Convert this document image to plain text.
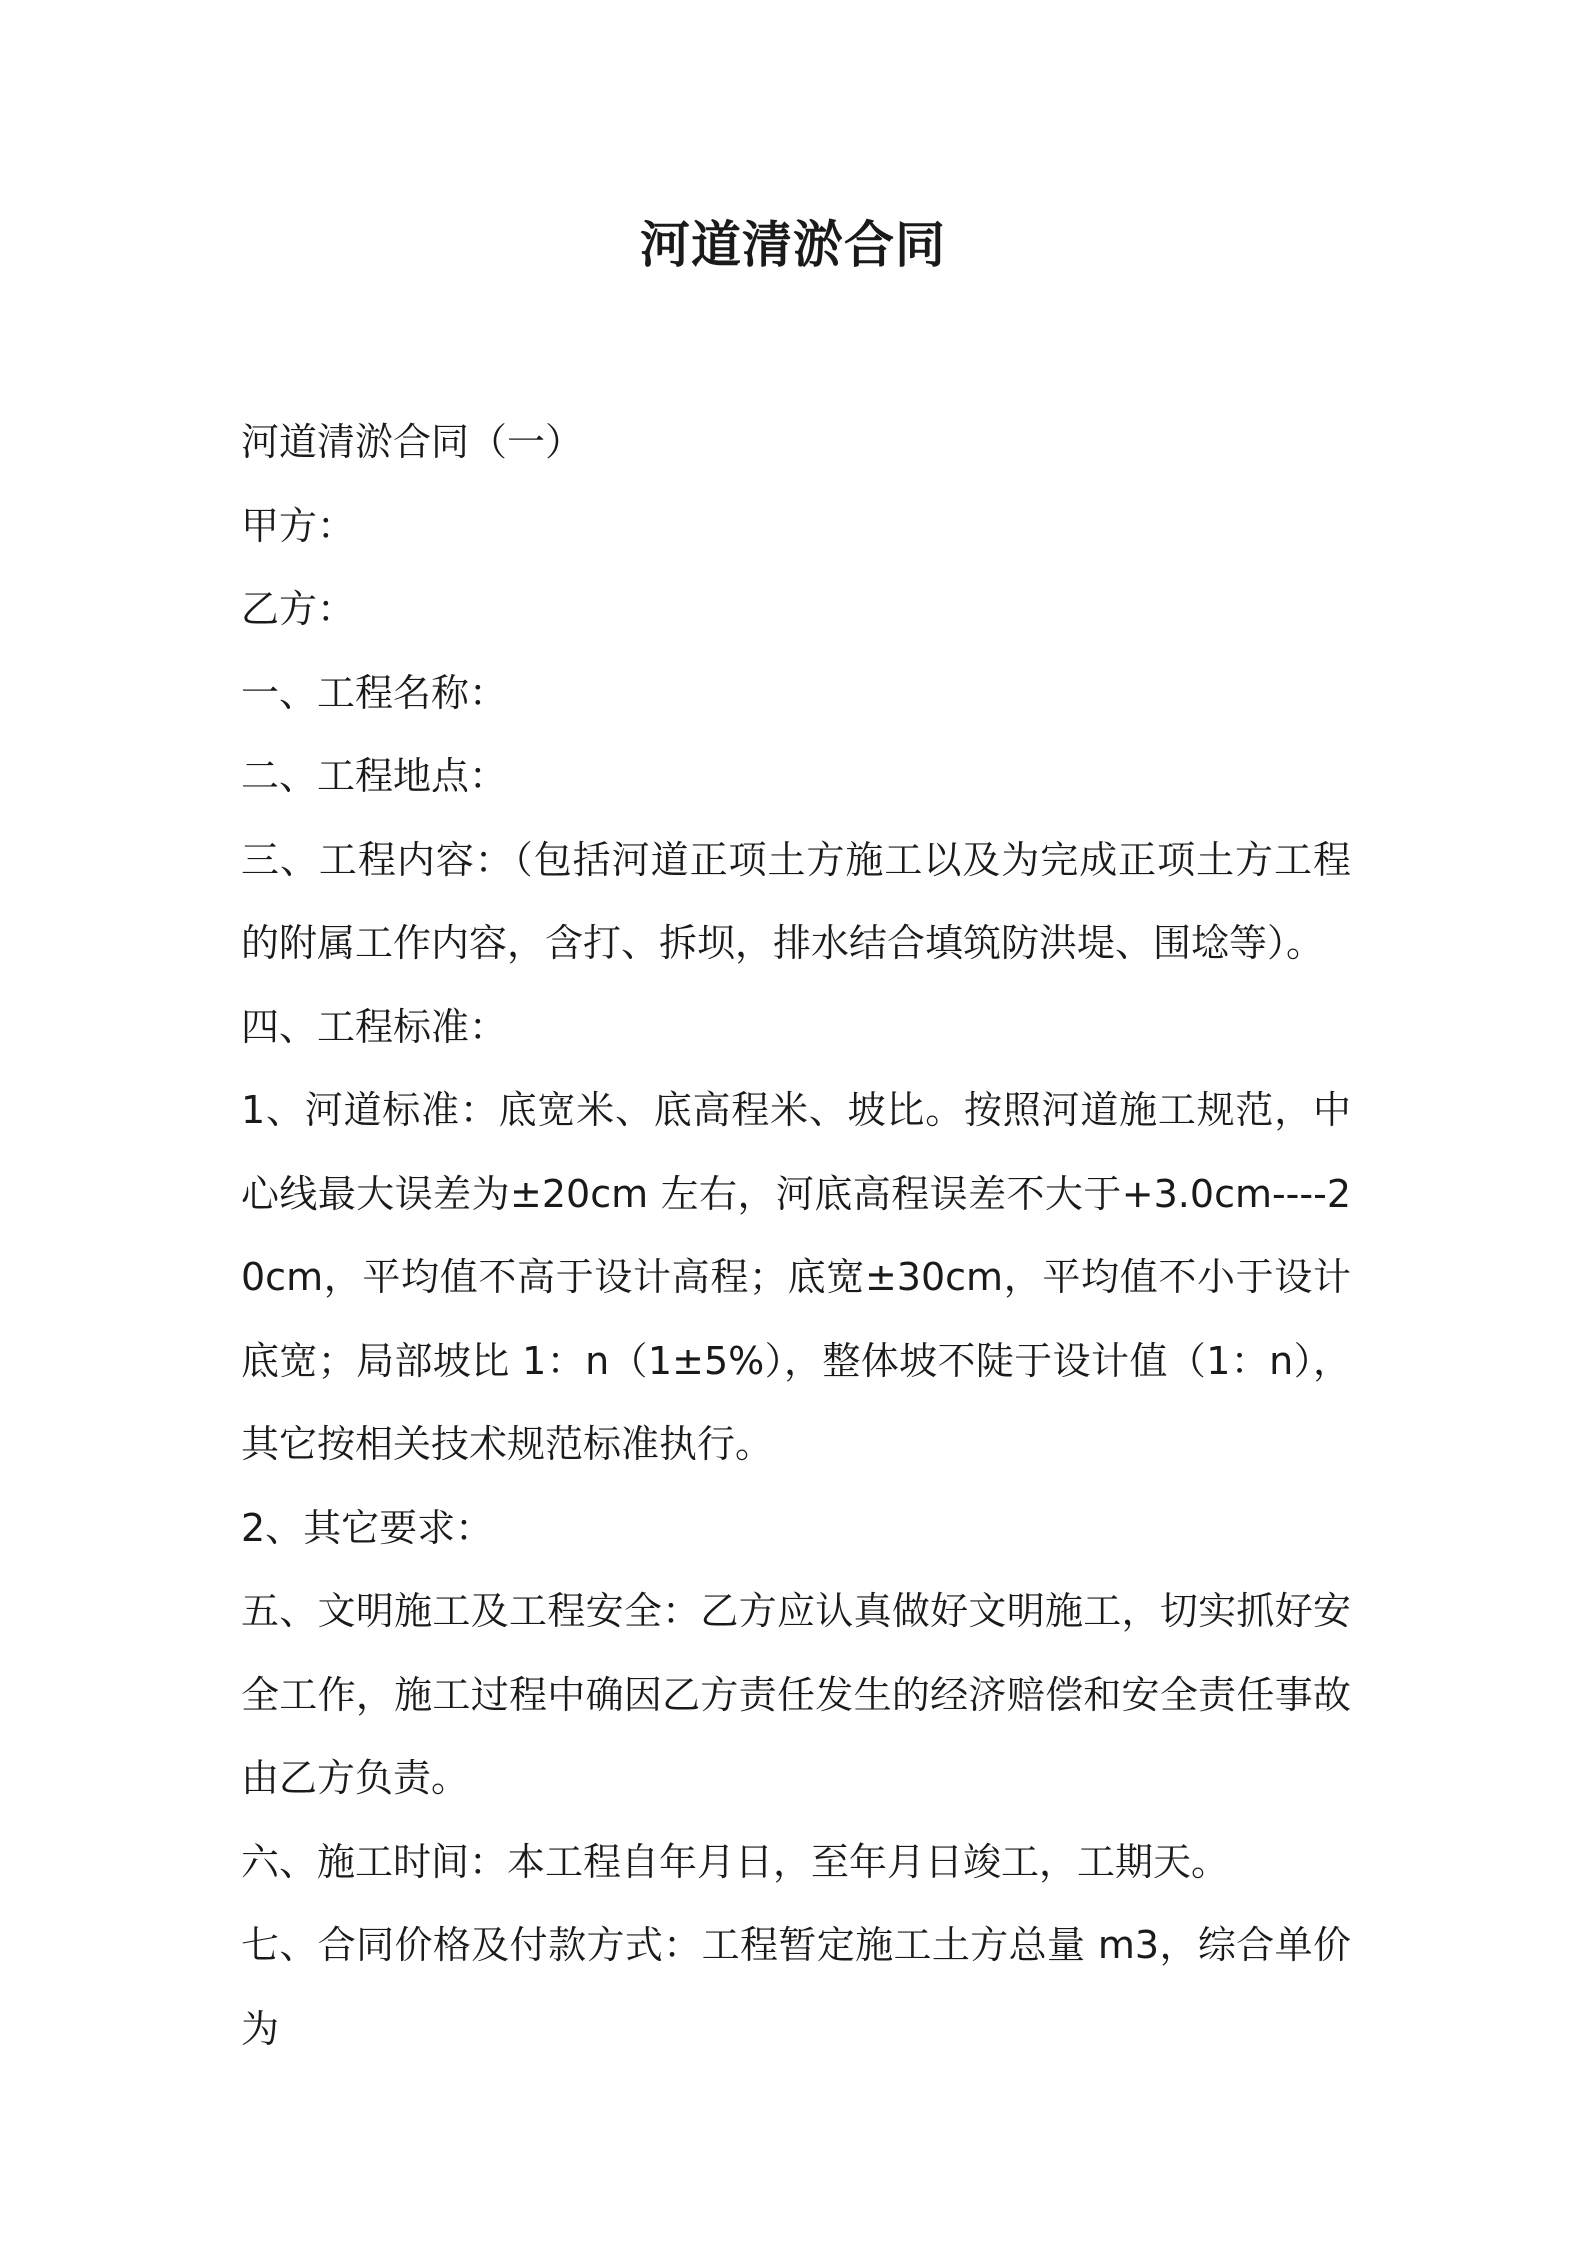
河道清淤合同

河道清淤合同（一）

甲方：

乙方：

一、工程名称：

二、工程地点：

三、工程内容：（包括河道正项土方施工以及为完成正项土方工程的附属工作内容，含打、拆坝，排水结合填筑防洪堤、围埝等）。

四、工程标准：

1、河道标准：底宽米、底高程米、坡比。按照河道施工规范，中心线最大误差为±20cm 左右，河底高程误差不大于+3.0cm----20cm，平均值不高于设计高程；底宽±30cm，平均值不小于设计底宽；局部坡比 1：n（1±5%），整体坡不陡于设计值（1：n），其它按相关技术规范标准执行。

2、其它要求：

五、文明施工及工程安全：乙方应认真做好文明施工，切实抓好安全工作，施工过程中确因乙方责任发生的经济赔偿和安全责任事故由乙方负责。

六、施工时间：本工程自年月日，至年月日竣工，工期天。

七、合同价格及付款方式：工程暂定施工土方总量 m3，综合单价为
